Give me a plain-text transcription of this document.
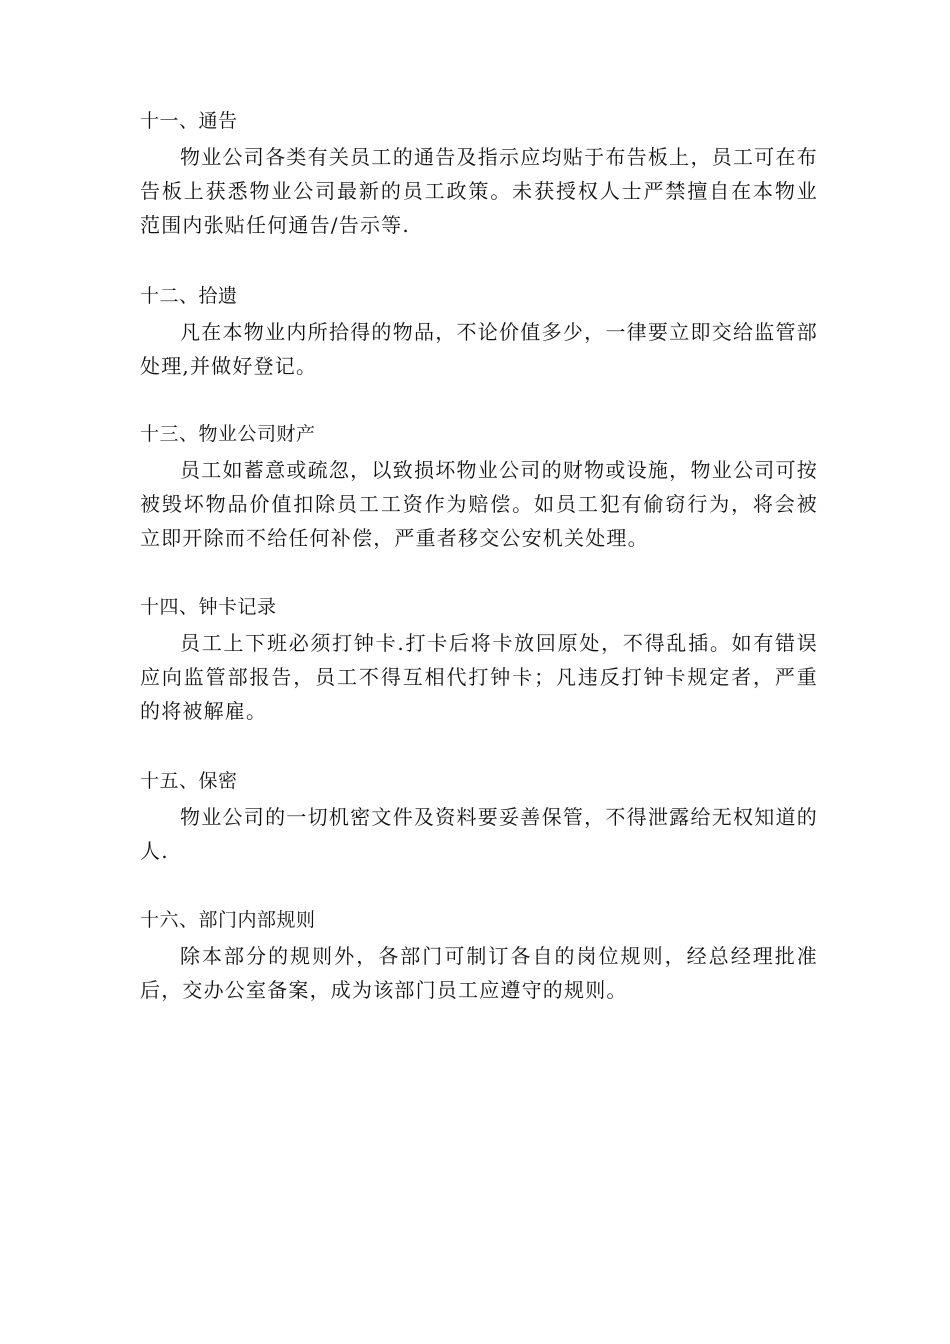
十一、通告

物业公司各类有关员工的通告及指示应均贴于布告板上，员工可在布告板上获悉物业公司最新的员工政策。未获授权人士严禁擅自在本物业范围内张贴任何通告/告示等.

十二、拾遗

凡在本物业内所拾得的物品，不论价值多少，一律要立即交给监管部处理,并做好登记。

十三、物业公司财产

员工如蓄意或疏忽，以致损坏物业公司的财物或设施，物业公司可按被毁坏物品价值扣除员工工资作为赔偿。如员工犯有偷窃行为，将会被立即开除而不给任何补偿，严重者移交公安机关处理。

十四、钟卡记录

员工上下班必须打钟卡.打卡后将卡放回原处，不得乱插。如有错误应向监管部报告，员工不得互相代打钟卡；凡违反打钟卡规定者，严重的将被解雇。

十五、保密

物业公司的一切机密文件及资料要妥善保管，不得泄露给无权知道的人.

十六、部门内部规则

除本部分的规则外，各部门可制订各自的岗位规则，经总经理批准后，交办公室备案，成为该部门员工应遵守的规则。
